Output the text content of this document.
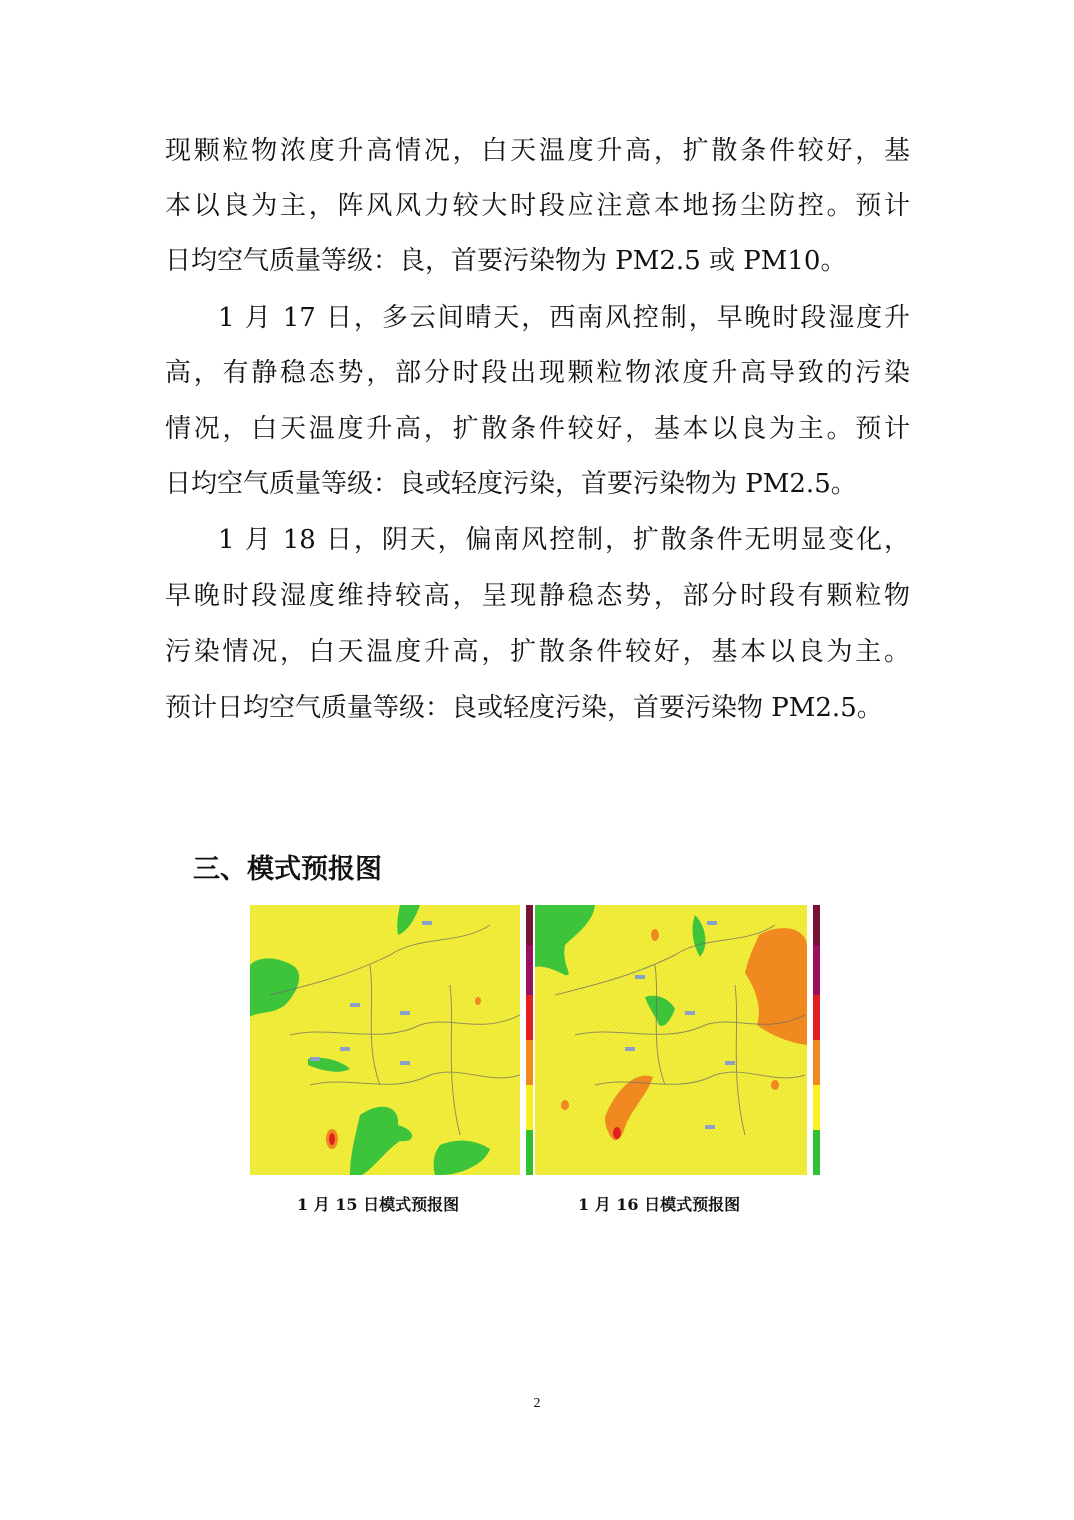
现颗粒物浓度升高情况，白天温度升高，扩散条件较好，基
本以良为主，阵风风力较大时段应注意本地扬尘防控。预计
日均空气质量等级：良，首要污染物为 PM2.5 或 PM10。
1 月 17 日，多云间晴天，西南风控制，早晚时段湿度升
高，有静稳态势，部分时段出现颗粒物浓度升高导致的污染
情况，白天温度升高，扩散条件较好，基本以良为主。预计
日均空气质量等级：良或轻度污染，首要污染物为 PM2.5。
1 月 18 日，阴天，偏南风控制，扩散条件无明显变化，
早晚时段湿度维持较高，呈现静稳态势，部分时段有颗粒物
污染情况，白天温度升高，扩散条件较好，基本以良为主。
预计日均空气质量等级：良或轻度污染，首要污染物 PM2.5。
三、模式预报图
1 月 15 日模式预报图	1 月 16 日模式预报图
2
